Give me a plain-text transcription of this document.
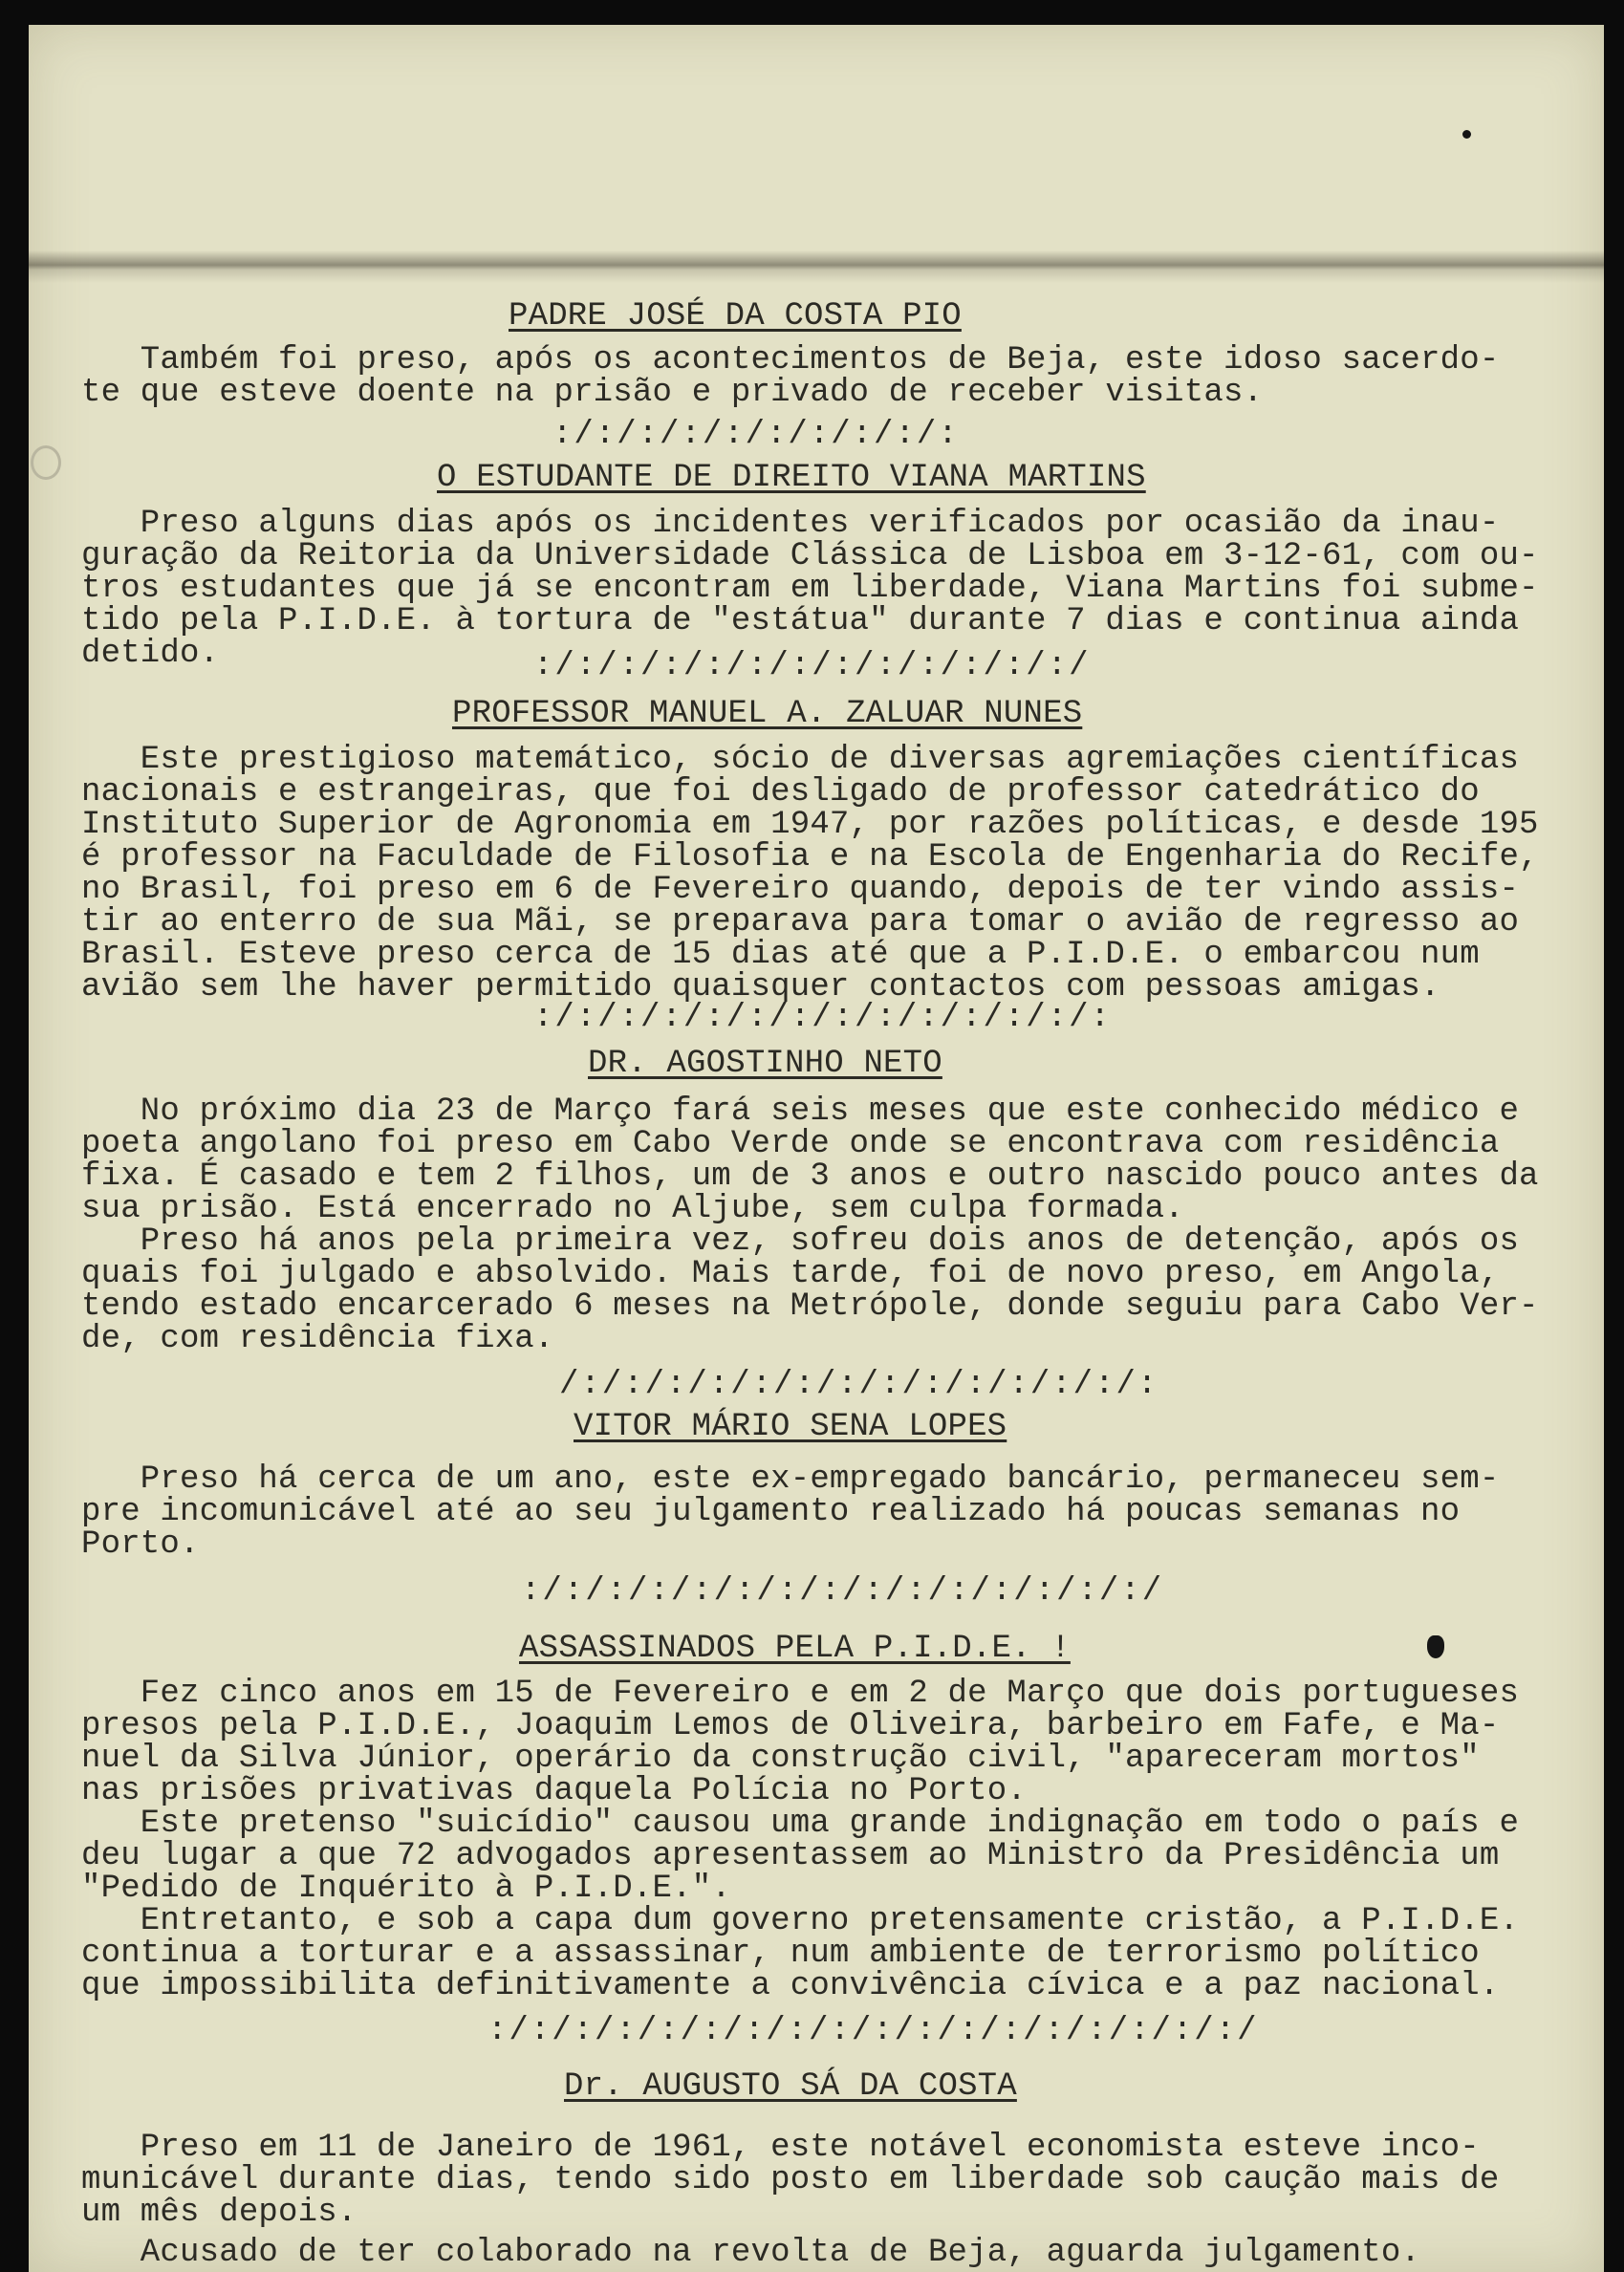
PADRE JOSÉ DA COSTA PIO
Também foi preso, após os acontecimentos de Beja, este idoso sacerdo-
te que esteve doente na prisão e privado de receber visitas.
:/:/:/:/:/:/:/:/:/:
O ESTUDANTE DE DIREITO VIANA MARTINS
Preso alguns dias após os incidentes verificados por ocasião da inau-
guração da Reitoria da Universidade Clássica de Lisboa em 3-12-61, com ou-
tros estudantes que já se encontram em liberdade, Viana Martins foi subme-
tido pela P.I.D.E. à tortura de "estátua" durante 7 dias e continua ainda
detido.	:/:/:/:/:/:/:/:/:/:/:/:/:/
PROFESSOR MANUEL A. ZALUAR NUNES
Este prestigioso matemático, sócio de diversas agremiações científicas
nacionais e estrangeiras, que foi desligado de professor catedrático do
Instituto Superior de Agronomia em 1947, por razões políticas, e desde 195
é professor na Faculdade de Filosofia e na Escola de Engenharia do Recife,
no Brasil, foi preso em 6 de Fevereiro quando, depois de ter vindo assis-
tir ao enterro de sua Mãi, se preparava para tomar o avião de regresso ao
Brasil. Esteve preso cerca de 15 dias até que a P.I.D.E. o embarcou num
avião sem lhe haver permitido quaisquer contactos com pessoas amigas.
:/:/:/:/:/:/:/:/:/:/:/:/:/:
DR. AGOSTINHO NETO
No próximo dia 23 de Março fará seis meses que este conhecido médico e
poeta angolano foi preso em Cabo Verde onde se encontrava com residência
fixa. É casado e tem 2 filhos, um de 3 anos e outro nascido pouco antes da
sua prisão. Está encerrado no Aljube, sem culpa formada.
Preso há anos pela primeira vez, sofreu dois anos de detenção, após os
quais foi julgado e absolvido. Mais tarde, foi de novo preso, em Angola,
tendo estado encarcerado 6 meses na Metrópole, donde seguiu para Cabo Ver-
de, com residência fixa.
/:/:/:/:/:/:/:/:/:/:/:/:/:/:
VITOR MÁRIO SENA LOPES
Preso há cerca de um ano, este ex-empregado bancário, permaneceu sem-
pre incomunicável até ao seu julgamento realizado há poucas semanas no
Porto.
:/:/:/:/:/:/:/:/:/:/:/:/:/:/:/
ASSASSINADOS PELA P.I.D.E. !
Fez cinco anos em 15 de Fevereiro e em 2 de Março que dois portugueses
presos pela P.I.D.E., Joaquim Lemos de Oliveira, barbeiro em Fafe, e Ma-
nuel da Silva Júnior, operário da construção civil, "apareceram mortos"
nas prisões privativas daquela Polícia no Porto.
Este pretenso "suicídio" causou uma grande indignação em todo o país e
deu lugar a que 72 advogados apresentassem ao Ministro da Presidência um
"Pedido de Inquérito à P.I.D.E.".
Entretanto, e sob a capa dum governo pretensamente cristão, a P.I.D.E.
continua a torturar e a assassinar, num ambiente de terrorismo político
que impossibilita definitivamente a convivência cívica e a paz nacional.
:/:/:/:/:/:/:/:/:/:/:/:/:/:/:/:/:/:/
Dr. AUGUSTO SÁ DA COSTA
Preso em 11 de Janeiro de 1961, este notável economista esteve inco-
municável durante dias, tendo sido posto em liberdade sob caução mais de
um mês depois.
Acusado de ter colaborado na revolta de Beja, aguarda julgamento.
